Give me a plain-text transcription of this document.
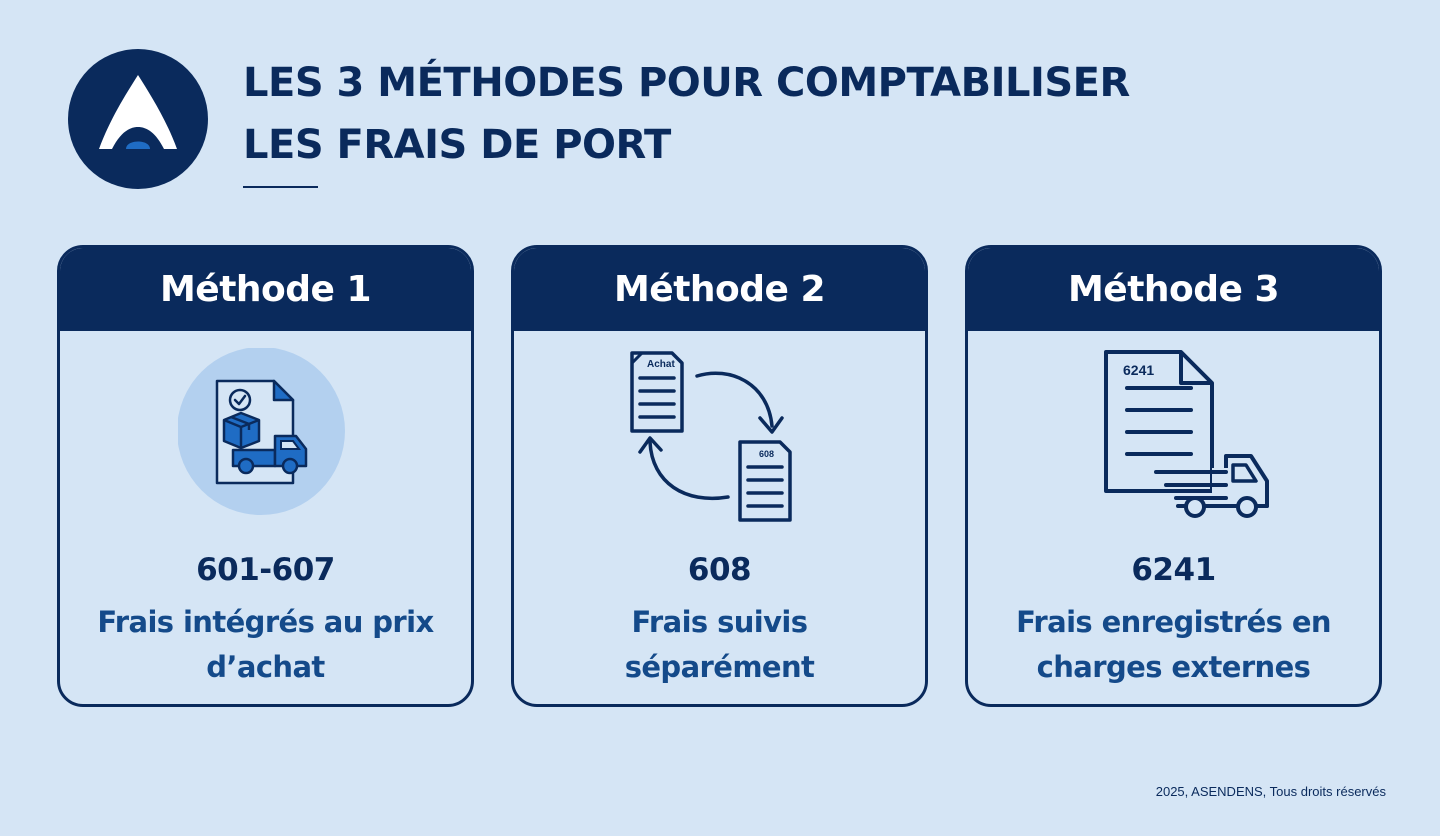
LES 3 MÉTHODES POUR COMPTABILISER
LES FRAIS DE PORT
Méthode 1
601-607
Frais intégrés au prix
d’achat
Méthode 2
Achat
608
608
Frais suivis
séparément
Méthode 3
6241
6241
Frais enregistrés en
charges externes
2025, ASENDENS, Tous droits réservés
